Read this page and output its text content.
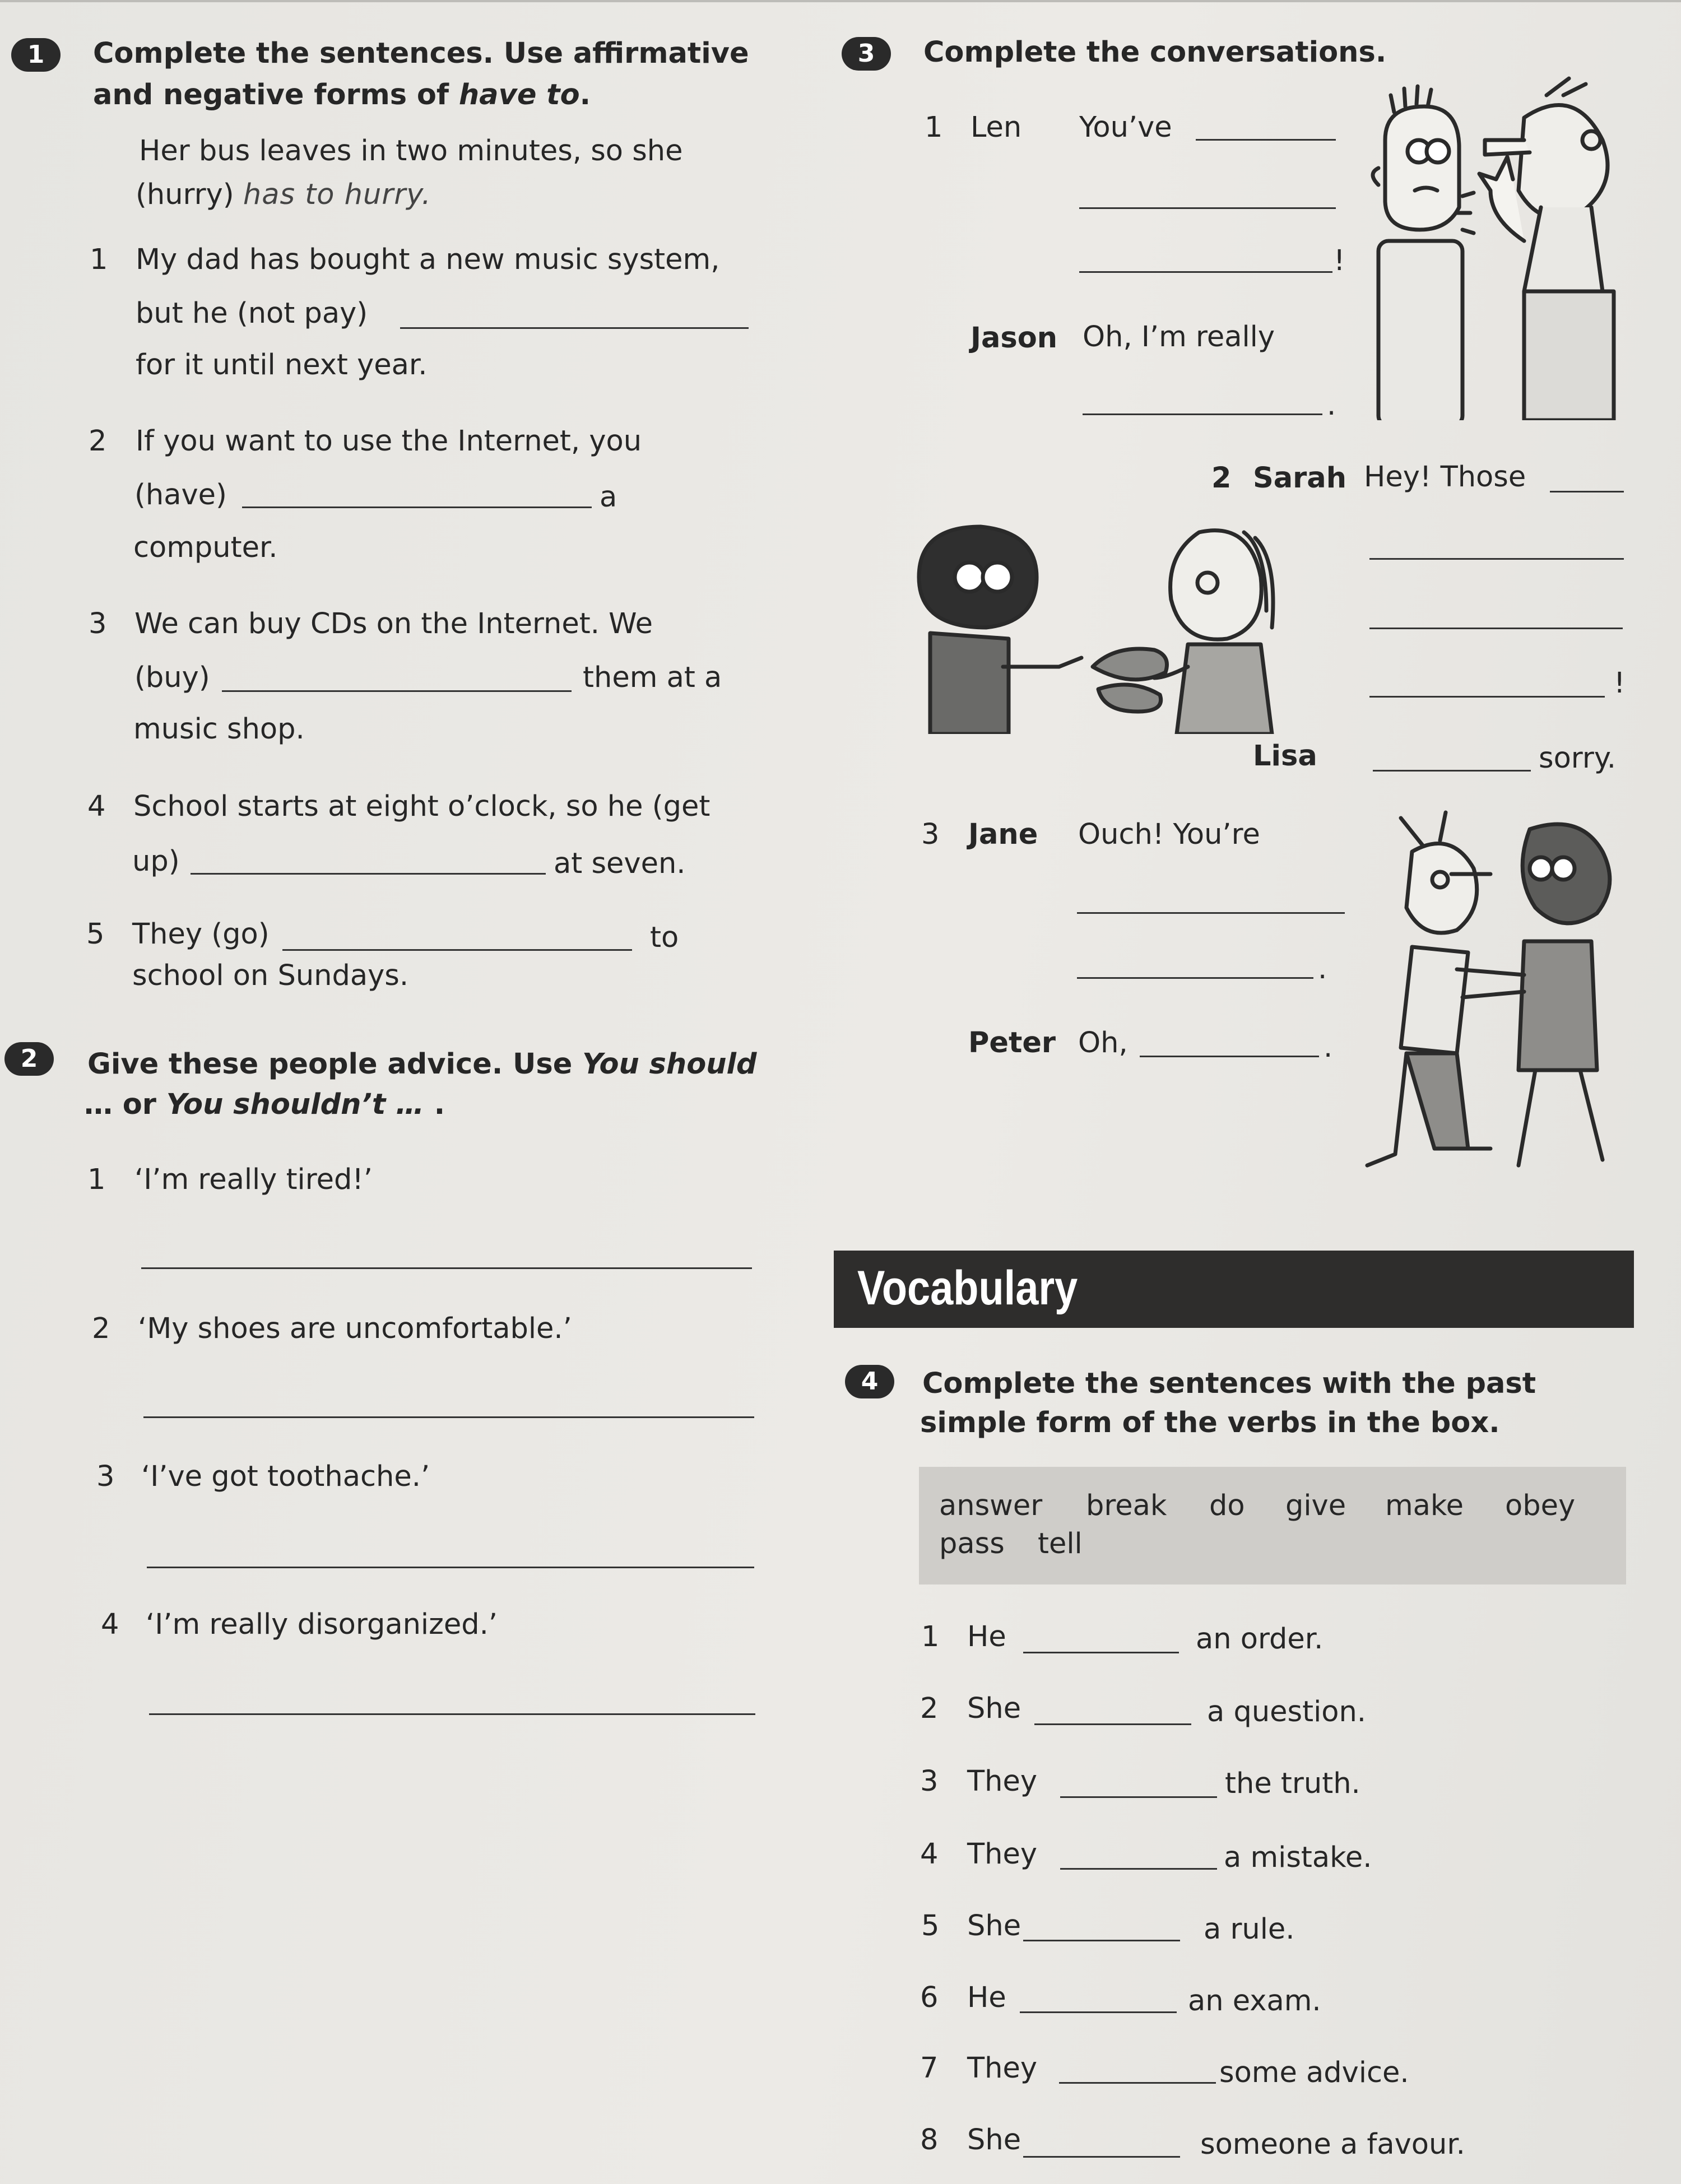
1	Complete the sentences. Use affirmative
and negative forms of have to.
Her bus leaves in two minutes, so she
(hurry) has to hurry.
1 My dad has bought a new music system,
but he (not pay)
for it until next year.
2 If you want to use the Internet, you
(have)	a
computer.
3 We can buy CDs on the Internet. We
(buy)	them at a
music shop.
4 School starts at eight o’clock, so he (get
up)	at seven.
5 They (go)	to
school on Sundays.
2	Give these people advice. Use You should
… or You shouldn’t … .
1 ‘I’m really tired!’
2 ‘My shoes are uncomfortable.’
3 ‘I’ve got toothache.’
4 ‘I’m really disorganized.’
3	Complete the conversations.
1 Len You’ve
!
Jason Oh, I’m really
.
2 Sarah Hey! Those
!
Lisa	sorry.
3 Jane Ouch! You’re
.
Peter Oh,	.
Vocabulary
4	Complete the sentences with the past
simple form of the verbs in the box.
answer break do give make obey
pass tell
1 He	an order.
2 She	a question.
3 They	the truth.
4 They	a mistake.
5 She	a rule.
6 He	an exam.
7 They	some advice.
8 She	someone a favour.
